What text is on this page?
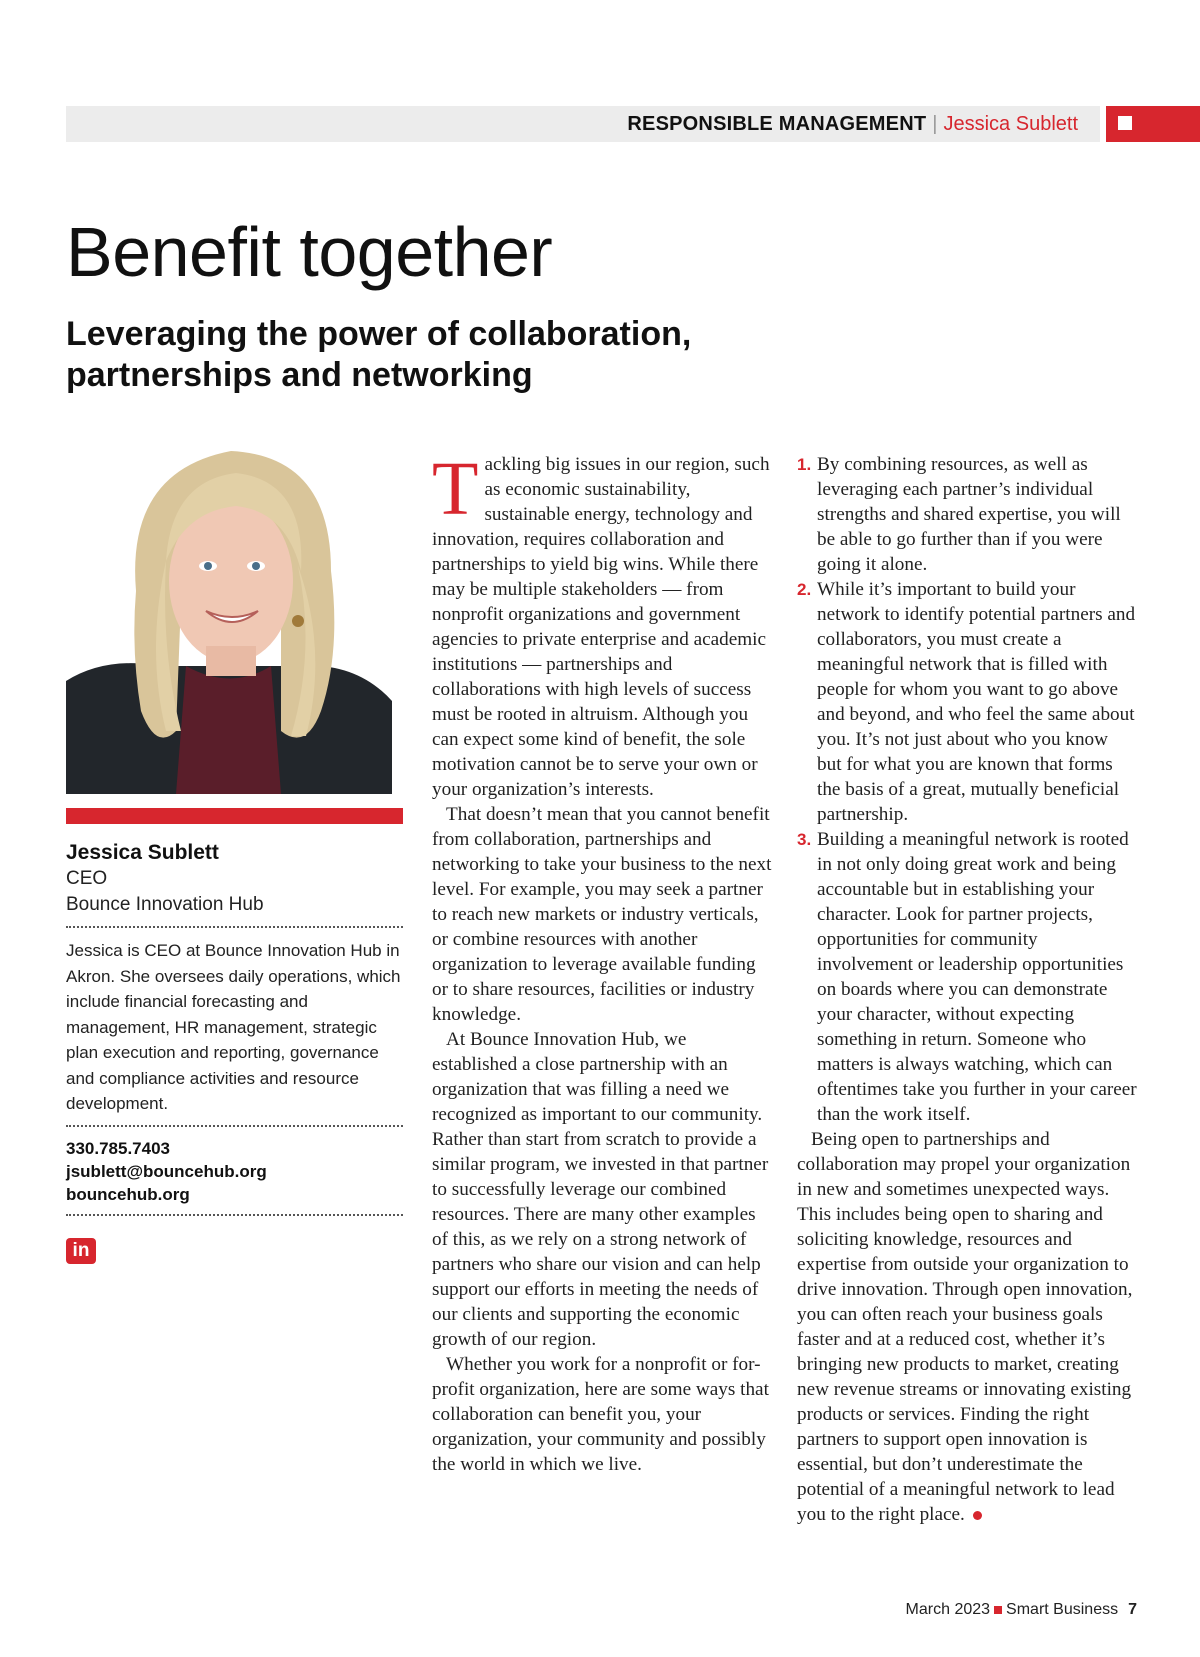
RESPONSIBLE MANAGEMENT | Jessica Sublett
Benefit together
Leveraging the power of collaboration, partnerships and networking

Jessica Sublett

CEO

Bounce Innovation Hub

Jessica is CEO at Bounce Innovation Hub in Akron. She oversees daily operations, which include financial forecasting and management, HR management, strategic plan execution and reporting, governance and compliance activities and resource development.

330.785.7403

jsublett@bouncehub.org

bouncehub.org

in

Tackling big issues in our region, such as economic sustainability, sustainable energy, technology and innovation, requires collaboration and partnerships to yield big wins. While there may be multiple stakeholders — from nonprofit organizations and government agencies to private enterprise and academic institutions — partnerships and collaborations with high levels of success must be rooted in altruism. Although you can expect some kind of benefit, the sole motivation cannot be to serve your own or your organization’s interests.

That doesn’t mean that you cannot benefit from collaboration, partnerships and networking to take your business to the next level. For example, you may seek a partner to reach new markets or industry verticals, or combine resources with another organization to leverage available funding or to share resources, facilities or industry knowledge.

At Bounce Innovation Hub, we established a close partnership with an organization that was filling a need we recognized as important to our community. Rather than start from scratch to provide a similar program, we invested in that partner to successfully leverage our combined resources. There are many other examples of this, as we rely on a strong network of partners who share our vision and can help support our efforts in meeting the needs of our clients and supporting the economic growth of our region.

Whether you work for a nonprofit or for-profit organization, here are some ways that collaboration can benefit you, your organization, your community and possibly the world in which we live.

1. By combining resources, as well as leveraging each partner’s individual strengths and shared expertise, you will be able to go further than if you were going it alone.

2. While it’s important to build your network to identify potential partners and collaborators, you must create a meaningful network that is filled with people for whom you want to go above and beyond, and who feel the same about you. It’s not just about who you know but for what you are known that forms the basis of a great, mutually beneficial partnership.

3. Building a meaningful network is rooted in not only doing great work and being accountable but in establishing your character. Look for partner projects, opportunities for community involvement or leadership opportunities on boards where you can demonstrate your character, without expecting something in return. Someone who matters is always watching, which can oftentimes take you further in your career than the work itself.

Being open to partnerships and collaboration may propel your organization in new and sometimes unexpected ways. This includes being open to sharing and soliciting knowledge, resources and expertise from outside your organization to drive innovation. Through open innovation, you can often reach your business goals faster and at a reduced cost, whether it’s bringing new products to market, creating new revenue streams or innovating existing products or services. Finding the right partners to support open innovation is essential, but don’t underestimate the potential of a meaningful network to lead you to the right place.

March 2023 Smart Business 7
